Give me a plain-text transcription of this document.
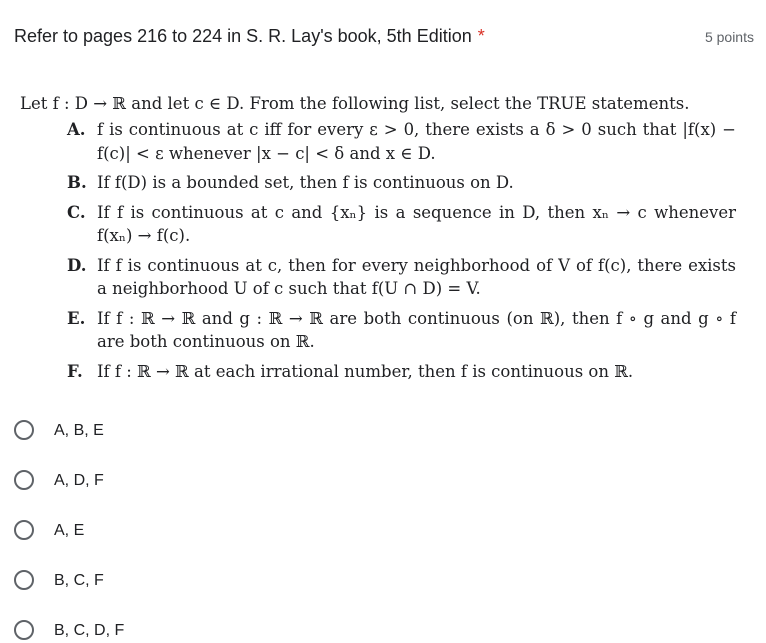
Refer to pages 216 to 224 in S. R. Lay's book, 5th Edition *	5 points

Let f : D → ℝ and let c ∈ D. From the following list, select the TRUE statements.

A. f is continuous at c iff for every ε > 0, there exists a δ > 0 such that |f(x) − f(c)| < ε whenever |x − c| < δ and x ∈ D.
B. If f(D) is a bounded set, then f is continuous on D.
C. If f is continuous at c and {xₙ} is a sequence in D, then xₙ → c whenever f(xₙ) → f(c).
D. If f is continuous at c, then for every neighborhood of V of f(c), there exists a neighborhood U of c such that f(U ∩ D) = V.
E. If f : ℝ → ℝ and g : ℝ → ℝ are both continuous (on ℝ), then f ∘ g and g ∘ f are both continuous on ℝ.
F. If f : ℝ → ℝ at each irrational number, then f is continuous on ℝ.
A, B, E
A, D, F
A, E
B, C, F
B, C, D, F
